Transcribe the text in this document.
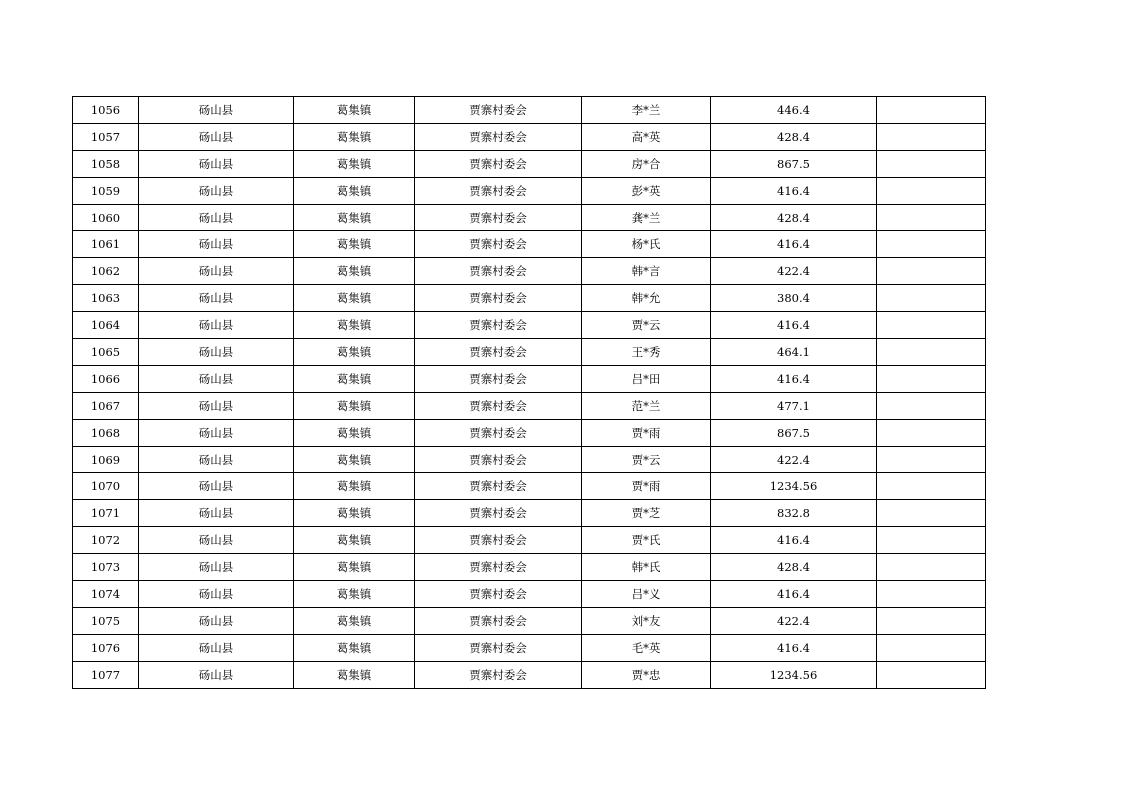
1056	砀山县	葛集镇	贾寨村委会	李*兰	446.4	
1057	砀山县	葛集镇	贾寨村委会	高*英	428.4	
1058	砀山县	葛集镇	贾寨村委会	房*合	867.5	
1059	砀山县	葛集镇	贾寨村委会	彭*英	416.4	
1060	砀山县	葛集镇	贾寨村委会	龚*兰	428.4	
1061	砀山县	葛集镇	贾寨村委会	杨*氏	416.4	
1062	砀山县	葛集镇	贾寨村委会	韩*言	422.4	
1063	砀山县	葛集镇	贾寨村委会	韩*允	380.4	
1064	砀山县	葛集镇	贾寨村委会	贾*云	416.4	
1065	砀山县	葛集镇	贾寨村委会	王*秀	464.1	
1066	砀山县	葛集镇	贾寨村委会	吕*田	416.4	
1067	砀山县	葛集镇	贾寨村委会	范*兰	477.1	
1068	砀山县	葛集镇	贾寨村委会	贾*雨	867.5	
1069	砀山县	葛集镇	贾寨村委会	贾*云	422.4	
1070	砀山县	葛集镇	贾寨村委会	贾*雨	1234.56	
1071	砀山县	葛集镇	贾寨村委会	贾*芝	832.8	
1072	砀山县	葛集镇	贾寨村委会	贾*氏	416.4	
1073	砀山县	葛集镇	贾寨村委会	韩*氏	428.4	
1074	砀山县	葛集镇	贾寨村委会	吕*义	416.4	
1075	砀山县	葛集镇	贾寨村委会	刘*友	422.4	
1076	砀山县	葛集镇	贾寨村委会	毛*英	416.4	
1077	砀山县	葛集镇	贾寨村委会	贾*忠	1234.56	
